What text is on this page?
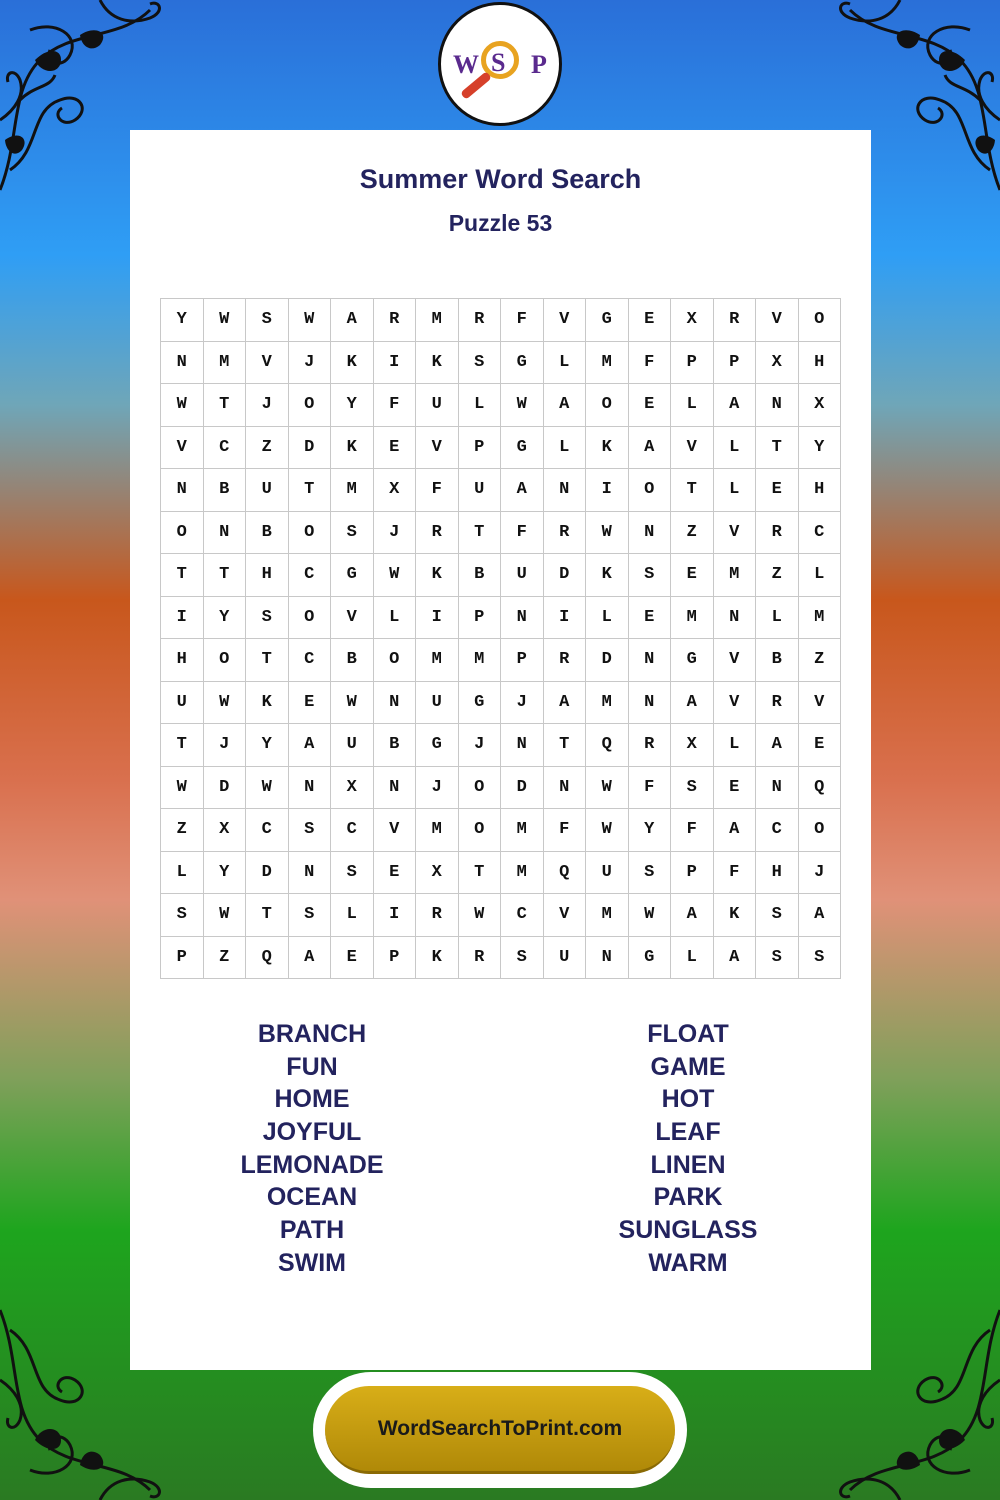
W S P
Summer Word Search
Puzzle 53
Y	W	S	W	A	R	M	R	F	V	G	E	X	R	V	O
N	M	V	J	K	I	K	S	G	L	M	F	P	P	X	H
W	T	J	O	Y	F	U	L	W	A	O	E	L	A	N	X
V	C	Z	D	K	E	V	P	G	L	K	A	V	L	T	Y
N	B	U	T	M	X	F	U	A	N	I	O	T	L	E	H
O	N	B	O	S	J	R	T	F	R	W	N	Z	V	R	C
T	T	H	C	G	W	K	B	U	D	K	S	E	M	Z	L
I	Y	S	O	V	L	I	P	N	I	L	E	M	N	L	M
H	O	T	C	B	O	M	M	P	R	D	N	G	V	B	Z
U	W	K	E	W	N	U	G	J	A	M	N	A	V	R	V
T	J	Y	A	U	B	G	J	N	T	Q	R	X	L	A	E
W	D	W	N	X	N	J	O	D	N	W	F	S	E	N	Q
Z	X	C	S	C	V	M	O	M	F	W	Y	F	A	C	O
L	Y	D	N	S	E	X	T	M	Q	U	S	P	F	H	J
S	W	T	S	L	I	R	W	C	V	M	W	A	K	S	A
P	Z	Q	A	E	P	K	R	S	U	N	G	L	A	S	S
BRANCH
FUN
HOME
JOYFUL
LEMONADE
OCEAN
PATH
SWIM
FLOAT
GAME
HOT
LEAF
LINEN
PARK
SUNGLASS
WARM
WordSearchToPrint.com
